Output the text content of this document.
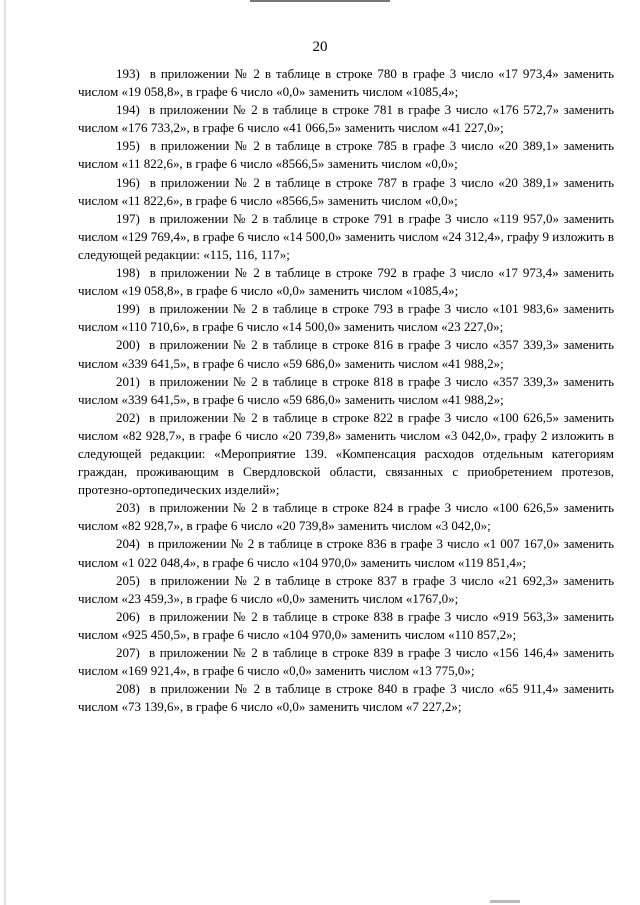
20

193)  в приложении № 2 в таблице в строке 780 в графе 3 число «17 973,4» заменить числом «19 058,8», в графе 6 число «0,0» заменить числом «1085,4»;

194)  в приложении № 2 в таблице в строке 781 в графе 3 число «176 572,7» заменить числом «176 733,2», в графе 6 число «41 066,5» заменить числом «41 227,0»;

195)  в приложении № 2 в таблице в строке 785 в графе 3 число «20 389,1» заменить числом «11 822,6», в графе 6 число «8566,5» заменить числом «0,0»;

196)  в приложении № 2 в таблице в строке 787 в графе 3 число «20 389,1» заменить числом «11 822,6», в графе 6 число «8566,5» заменить числом «0,0»;

197)  в приложении № 2 в таблице в строке 791 в графе 3 число «119 957,0» заменить числом «129 769,4», в графе 6 число «14 500,0» заменить числом «24 312,4», графу 9 изложить в следующей редакции: «115, 116, 117»;

198)  в приложении № 2 в таблице в строке 792 в графе 3 число «17 973,4» заменить числом «19 058,8», в графе 6 число «0,0» заменить числом «1085,4»;

199)  в приложении № 2 в таблице в строке 793 в графе 3 число «101 983,6» заменить числом «110 710,6», в графе 6 число «14 500,0» заменить числом «23 227,0»;

200)  в приложении № 2 в таблице в строке 816 в графе 3 число «357 339,3» заменить числом «339 641,5», в графе 6 число «59 686,0» заменить числом «41 988,2»;

201)  в приложении № 2 в таблице в строке 818 в графе 3 число «357 339,3» заменить числом «339 641,5», в графе 6 число «59 686,0» заменить числом «41 988,2»;

202)  в приложении № 2 в таблице в строке 822 в графе 3 число «100 626,5» заменить числом «82 928,7», в графе 6 число «20 739,8» заменить числом «3 042,0», графу 2 изложить в следующей редакции: «Мероприятие 139. «Компенсация расходов отдельным категориям граждан, проживающим в Свердловской области, связанных с приобретением протезов, протезно-ортопедических изделий»;

203)  в приложении № 2 в таблице в строке 824 в графе 3 число «100 626,5» заменить числом «82 928,7», в графе 6 число «20 739,8» заменить числом «3 042,0»;

204)  в приложении № 2 в таблице в строке 836 в графе 3 число «1 007 167,0» заменить числом «1 022 048,4», в графе 6 число «104 970,0» заменить числом «119 851,4»;

205)  в приложении № 2 в таблице в строке 837 в графе 3 число «21 692,3» заменить числом «23 459,3», в графе 6 число «0,0» заменить числом «1767,0»;

206)  в приложении № 2 в таблице в строке 838 в графе 3 число «919 563,3» заменить числом «925 450,5», в графе 6 число «104 970,0» заменить числом «110 857,2»;

207)  в приложении № 2 в таблице в строке 839 в графе 3 число «156 146,4» заменить числом «169 921,4», в графе 6 число «0,0» заменить числом «13 775,0»;

208)  в приложении № 2 в таблице в строке 840 в графе 3 число «65 911,4» заменить числом «73 139,6», в графе 6 число «0,0» заменить числом «7 227,2»;
